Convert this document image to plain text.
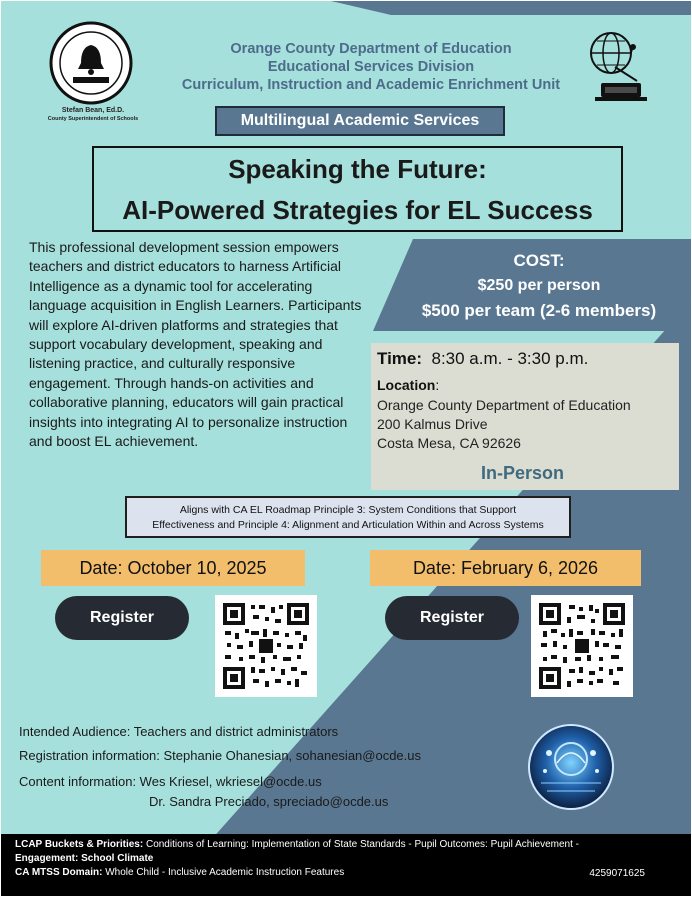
Stefan Bean, Ed.D.
County Superintendent of Schools
Orange County Department of Education
Educational Services Division
Curriculum, Instruction and Academic Enrichment Unit
Multilingual Academic Services
Speaking the Future:
AI-Powered Strategies for EL Success
This professional development session empowers teachers and district educators to harness Artificial Intelligence as a dynamic tool for accelerating language acquisition in English Learners. Participants will explore AI-driven platforms and strategies that support vocabulary development, speaking and listening practice, and culturally responsive engagement. Through hands-on activities and collaborative planning, educators will gain practical insights into integrating AI to personalize instruction and boost EL achievement.
COST:
$250 per person
$500 per team (2-6 members)
Time: 8:30 a.m. - 3:30 p.m.
Location:
Orange County Department of Education
200 Kalmus Drive
Costa Mesa, CA 92626
In-Person
Aligns with CA EL Roadmap Principle 3: System Conditions that Support
Effectiveness and Principle 4: Alignment and Articulation Within and Across Systems
Date: October 10, 2025
Register
Date: February 6, 2026
Register
Intended Audience: Teachers and district administrators
Registration information: Stephanie Ohanesian, sohanesian@ocde.us
Content information: Wes Kriesel, wkriesel@ocde.us
Dr. Sandra Preciado, spreciado@ocde.us
LCAP Buckets & Priorities: Conditions of Learning: Implementation of State Standards - Pupil Outcomes: Pupil Achievement -
Engagement: School Climate
CA MTSS Domain: Whole Child - Inclusive Academic Instruction Features	4259071625
